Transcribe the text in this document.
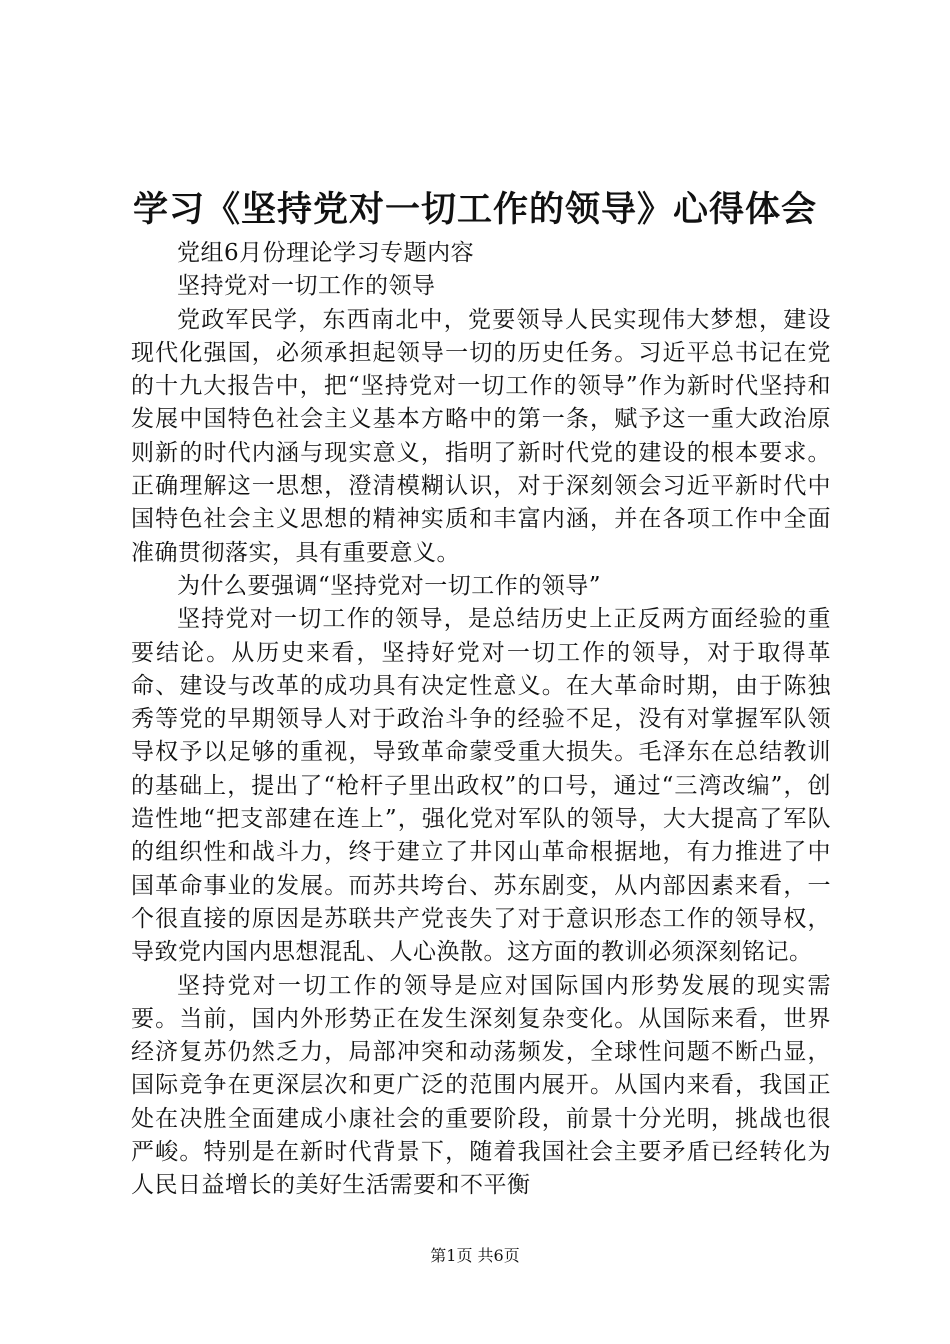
学习《坚持党对一切工作的领导》心得体会

党组6月份理论学习专题内容

坚持党对一切工作的领导

党政军民学，东西南北中，党要领导人民实现伟大梦想，建设现代化强国，必须承担起领导一切的历史任务。习近平总书记在党的十九大报告中，把“坚持党对一切工作的领导”作为新时代坚持和发展中国特色社会主义基本方略中的第一条，赋予这一重大政治原则新的时代内涵与现实意义，指明了新时代党的建设的根本要求。正确理解这一思想，澄清模糊认识，对于深刻领会习近平新时代中国特色社会主义思想的精神实质和丰富内涵，并在各项工作中全面准确贯彻落实，具有重要意义。

为什么要强调“坚持党对一切工作的领导”

坚持党对一切工作的领导，是总结历史上正反两方面经验的重要结论。从历史来看，坚持好党对一切工作的领导，对于取得革命、建设与改革的成功具有决定性意义。在大革命时期，由于陈独秀等党的早期领导人对于政治斗争的经验不足，没有对掌握军队领导权予以足够的重视，导致革命蒙受重大损失。毛泽东在总结教训的基础上，提出了“枪杆子里出政权”的口号，通过“三湾改编”，创造性地“把支部建在连上”，强化党对军队的领导，大大提高了军队的组织性和战斗力，终于建立了井冈山革命根据地，有力推进了中国革命事业的发展。而苏共垮台、苏东剧变，从内部因素来看，一个很直接的原因是苏联共产党丧失了对于意识形态工作的领导权，导致党内国内思想混乱、人心涣散。这方面的教训必须深刻铭记。

坚持党对一切工作的领导是应对国际国内形势发展的现实需要。当前，国内外形势正在发生深刻复杂变化。从国际来看，世界经济复苏仍然乏力，局部冲突和动荡频发，全球性问题不断凸显，国际竞争在更深层次和更广泛的范围内展开。从国内来看，我国正处在决胜全面建成小康社会的重要阶段，前景十分光明，挑战也很严峻。特别是在新时代背景下，随着我国社会主要矛盾已经转化为人民日益增长的美好生活需要和不平衡

第1页 共6页
